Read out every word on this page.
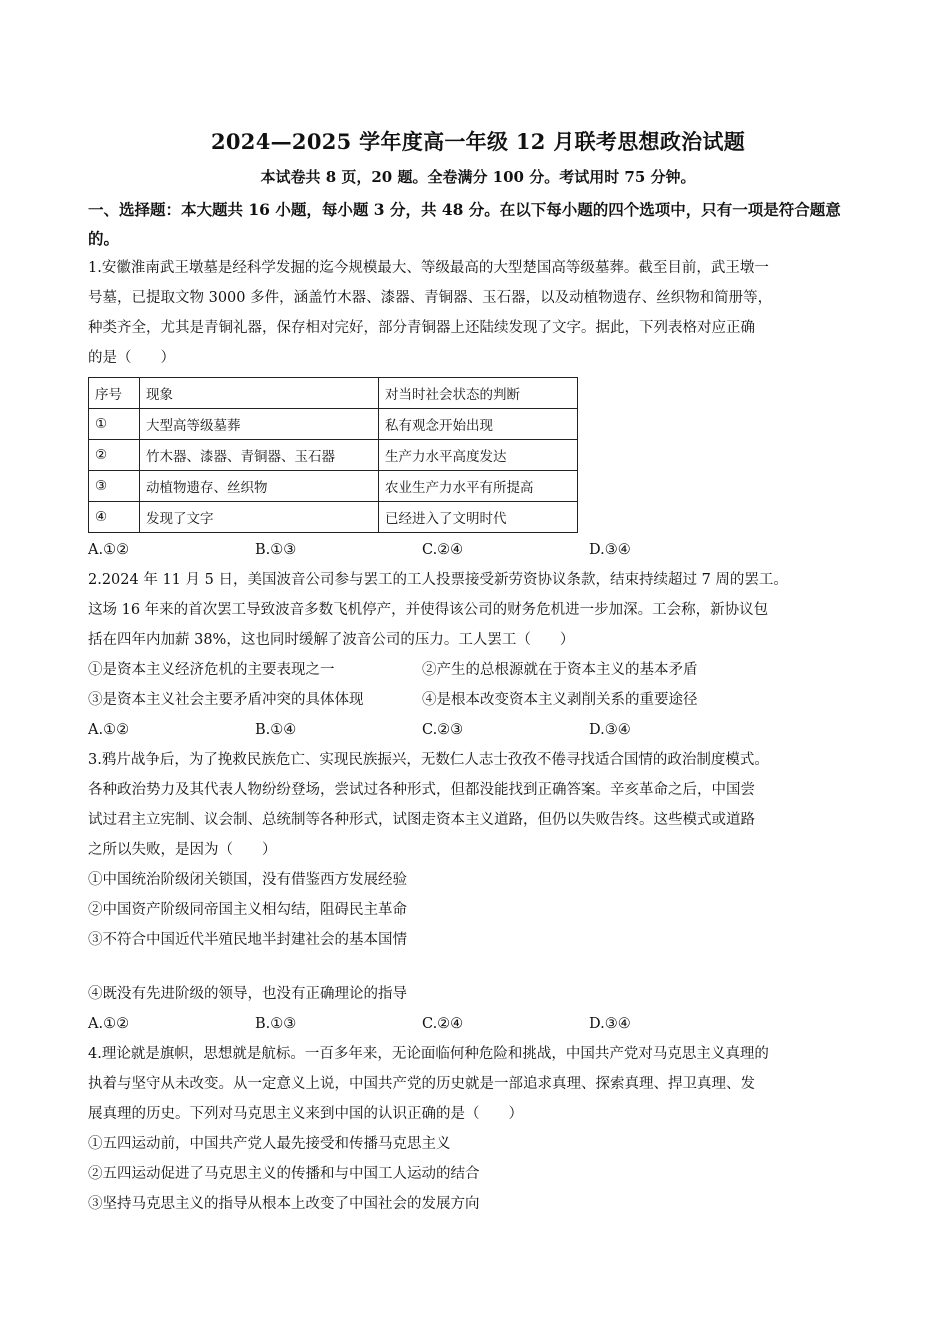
2024—2025 学年度高一年级 12 月联考思想政治试题
本试卷共 8 页，20 题。全卷满分 100 分。考试用时 75 分钟。
一、选择题：本大题共 16 小题，每小题 3 分，共 48 分。在以下每小题的四个选项中，只有一项是符合题意的。

1.安徽淮南武王墩墓是经科学发掘的迄今规模最大、等级最高的大型楚国高等级墓葬。截至目前，武王墩一

号墓，已提取文物 3000 多件，涵盖竹木器、漆器、青铜器、玉石器，以及动植物遗存、丝织物和简册等，

种类齐全，尤其是青铜礼器，保存相对完好，部分青铜器上还陆续发现了文字。据此，下列表格对应正确

的是（　　）

序号	现象	对当时社会状态的判断
①	大型高等级墓葬	私有观念开始出现
②	竹木器、漆器、青铜器、玉石器	生产力水平高度发达
③	动植物遗存、丝织物	农业生产力水平有所提高
④	发现了文字	已经进入了文明时代
A.①②	B.①③	C.②④	D.③④

2.2024 年 11 月 5 日，美国波音公司参与罢工的工人投票接受新劳资协议条款，结束持续超过 7 周的罢工。

这场 16 年来的首次罢工导致波音多数飞机停产，并使得该公司的财务危机进一步加深。工会称，新协议包

括在四年内加薪 38%，这也同时缓解了波音公司的压力。工人罢工（　　）

①是资本主义经济危机的主要表现之一	②产生的总根源就在于资本主义的基本矛盾
③是资本主义社会主要矛盾冲突的具体体现	④是根本改变资本主义剥削关系的重要途径
A.①②	B.①④	C.②③	D.③④

3.鸦片战争后，为了挽救民族危亡、实现民族振兴，无数仁人志士孜孜不倦寻找适合国情的政治制度模式。

各种政治势力及其代表人物纷纷登场，尝试过各种形式，但都没能找到正确答案。辛亥革命之后，中国尝

试过君主立宪制、议会制、总统制等各种形式，试图走资本主义道路，但仍以失败告终。这些模式或道路

之所以失败，是因为（　　）

①中国统治阶级闭关锁国，没有借鉴西方发展经验

②中国资产阶级同帝国主义相勾结，阻碍民主革命

③不符合中国近代半殖民地半封建社会的基本国情

④既没有先进阶级的领导，也没有正确理论的指导

A.①②	B.①③	C.②④	D.③④

4.理论就是旗帜，思想就是航标。一百多年来，无论面临何种危险和挑战，中国共产党对马克思主义真理的

执着与坚守从未改变。从一定意义上说，中国共产党的历史就是一部追求真理、探索真理、捍卫真理、发

展真理的历史。下列对马克思主义来到中国的认识正确的是（　　）

①五四运动前，中国共产党人最先接受和传播马克思主义

②五四运动促进了马克思主义的传播和与中国工人运动的结合

③坚持马克思主义的指导从根本上改变了中国社会的发展方向
